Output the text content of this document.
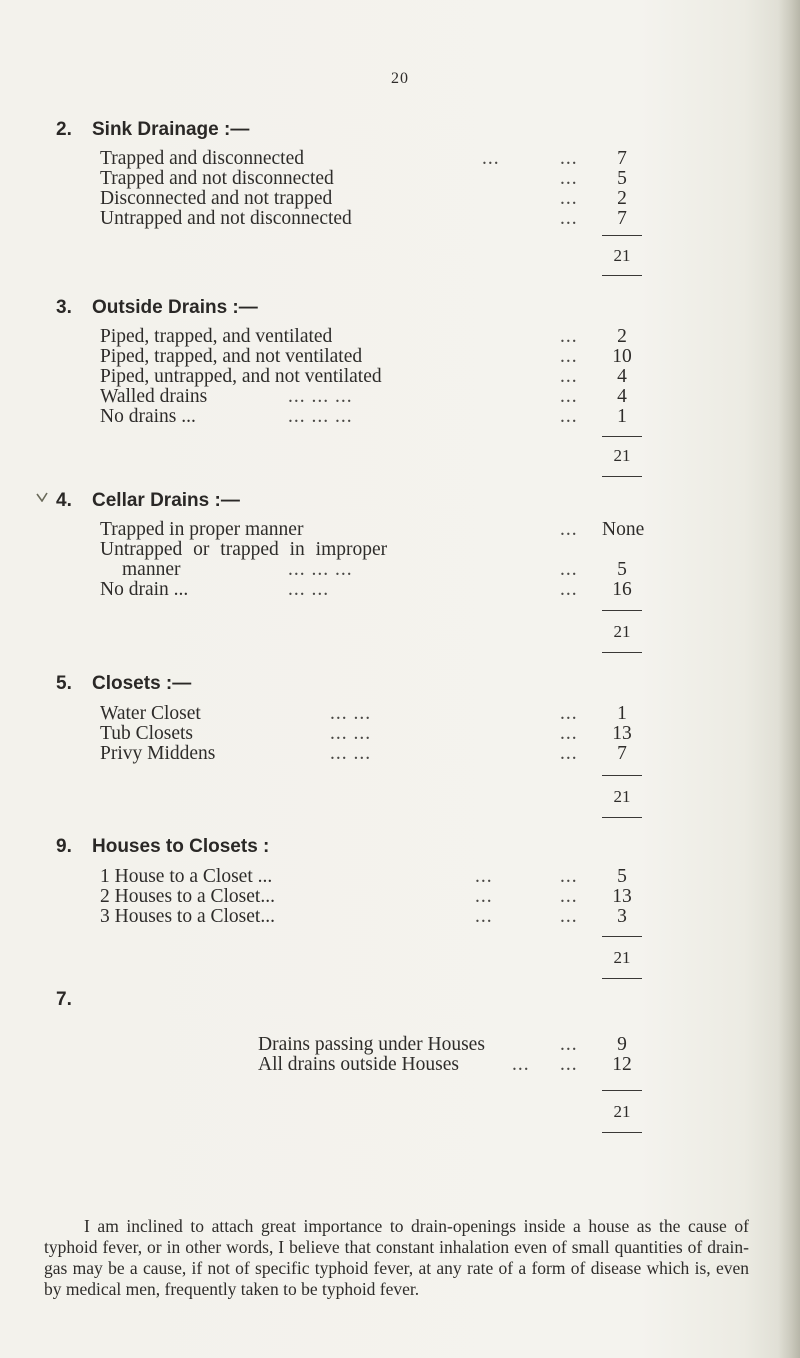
20
2. Sink Drainage :—
Trapped and disconnected	...	...	7
Trapped and not disconnected	...	5
Disconnected and not trapped	...	2
Untrapped and not disconnected	...	7
21
3. Outside Drains :—
Piped, trapped, and ventilated	...	2
Piped, trapped, and not ventilated	...	10
Piped, untrapped, and not ventilated	...	4
Walled drains	... ... ...	...	4
No drains ...	... ... ...	...	1
21
4. Cellar Drains :—
Trapped in proper manner	... None
Untrapped or trapped in improper
manner	... ... ...	...	5
No drain ...	... ...	...	16
21
5. Closets :—
Water Closet	... ...	...	1
Tub Closets	... ...	...	13
Privy Middens	... ...	...	7
21
9. Houses to Closets :
1 House to a Closet ...	...	...	5
2 Houses to a Closet...	...	...	13
3 Houses to a Closet...	...	...	3
21
7.
Drains passing under Houses	...	9
All drains outside Houses	... ...	12
21
I am inclined to attach great importance to drain-openings inside a house as the cause of typhoid fever, or in other words, I believe that constant inhalation even of small quantities of drain-gas may be a cause, if not of specific typhoid fever, at any rate of a form of disease which is, even by medical men, frequently taken to be typhoid fever.
